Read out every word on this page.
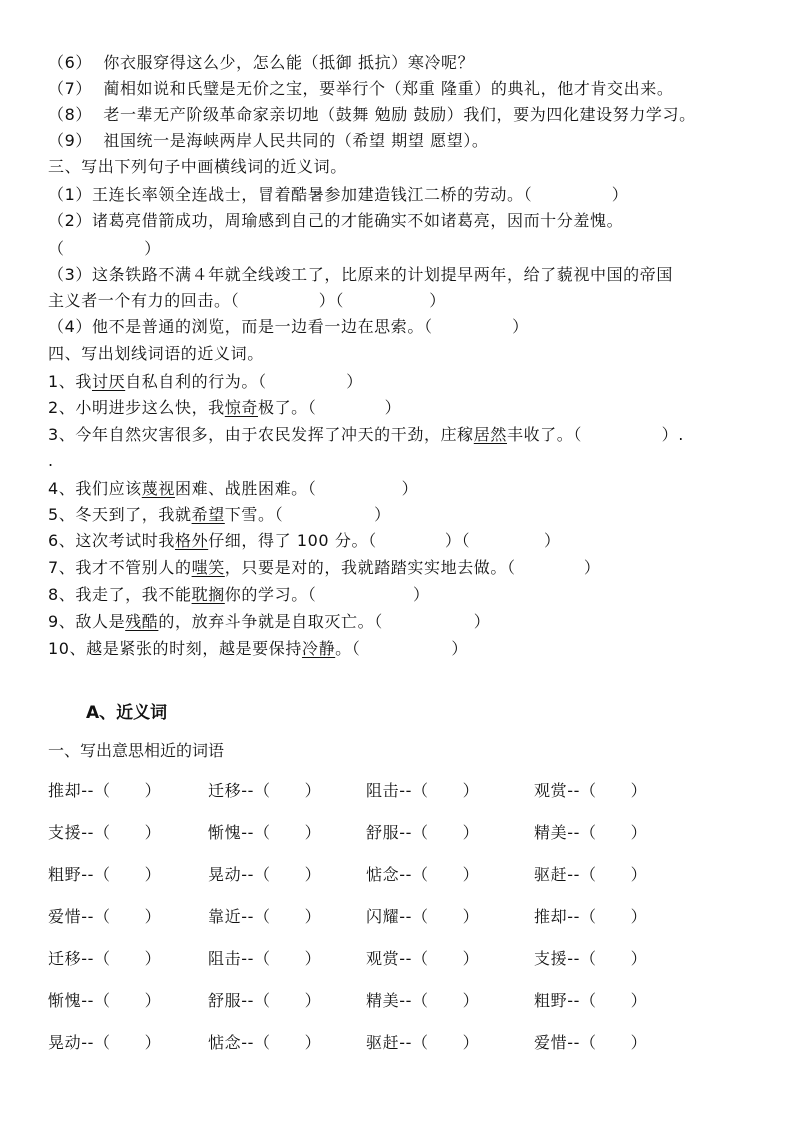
（6）  你衣服穿得这么少，怎么能（抵御 抵抗）寒冷呢？
（7）  蔺相如说和氏璧是无价之宝，要举行个（郑重 隆重）的典礼，他才肯交出来。
（8）  老一辈无产阶级革命家亲切地（鼓舞 勉励 鼓励）我们，要为四化建设努力学习。
（9）  祖国统一是海峡两岸人民共同的（希望 期望 愿望）。
三、写出下列句子中画横线词的近义词。
（1）王连长率领全连战士，冒着酷暑参加建造钱江二桥的劳动。（              ）
（2）诸葛亮借箭成功，周瑜感到自己的才能确实不如诸葛亮，因而十分羞愧。
（              ）
（3）这条铁路不满４年就全线竣工了，比原来的计划提早两年，给了藐视中国的帝国
主义者一个有力的回击。（              ）（               ）
（4）他不是普通的浏览，而是一边看一边在思索。（              ）
四、写出划线词语的近义词。
1、我讨厌自私自利的行为。（              ）
2、小明进步这么快，我惊奇极了。（            ）
3、今年自然灾害很多，由于农民发挥了冲天的干劲，庄稼居然丰收了。（              ）.
.
4、我们应该蔑视困难、战胜困难。（               ）
5、冬天到了，我就希望下雪。（                ）
6、这次考试时我格外仔细，得了 100 分。（            ）（             ）
7、我才不管别人的嗤笑，只要是对的，我就踏踏实实地去做。（            ）
8、我走了，我不能耽搁你的学习。（                 ）
9、敌人是残酷的，放弃斗争就是自取灭亡。（                ）
10、越是紧张的时刻，越是要保持冷静。（                ）
A、近义词
一、写出意思相近的词语
推却--（      ）	迁移--（      ）	阻击--（      ）	观赏--（      ）
支援--（      ）	惭愧--（      ）	舒服--（      ）	精美--（      ）
粗野--（      ）	晃动--（      ）	惦念--（      ）	驱赶--（      ）
爱惜--（      ）	靠近--（      ）	闪耀--（      ）	推却--（      ）
迁移--（      ）	阻击--（      ）	观赏--（      ）	支援--（      ）
惭愧--（      ）	舒服--（      ）	精美--（      ）	粗野--（      ）
晃动--（      ）	惦念--（      ）	驱赶--（      ）	爱惜--（      ）
